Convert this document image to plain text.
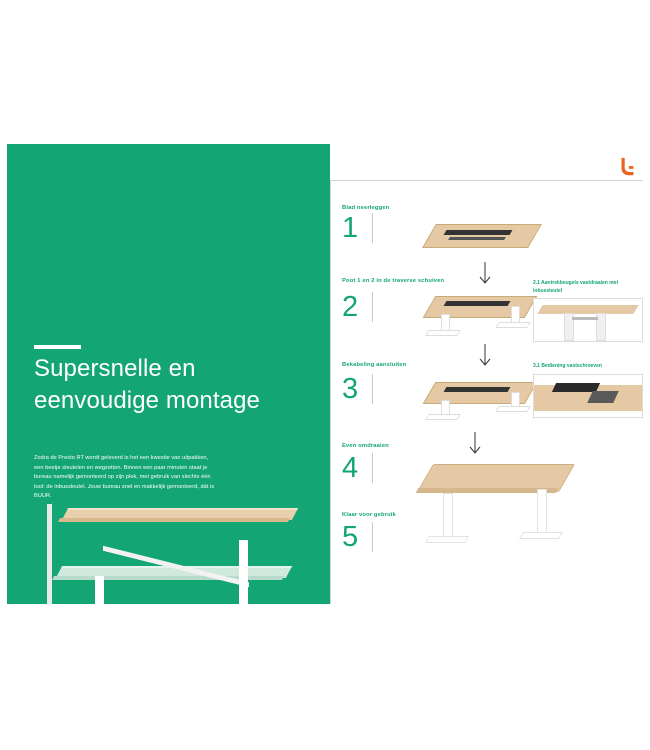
Supersnelle en eenvoudige montage
Zodra de Presto RT wordt geleverd is het een kwestie van uitpakken, een beetje sleutelen en wegzetten. Binnen een paar minuten staat je bureau namelijk gemonteerd op zijn plek, met gebruik van slechts één tool: de inbussleutel. Jouw bureau snel en makkelijk gemonteerd, dát is BUUR.
Blad neerleggen
1
Poot 1 en 2 in de traverse schuiven
2
2.1 Aantrekbeugels vastdraaien met inbussleutel
Bekabeling aansluiten
3
3.1 Bediening vastschroeven
Even omdraaien
4
Klaar voor gebruik
5
